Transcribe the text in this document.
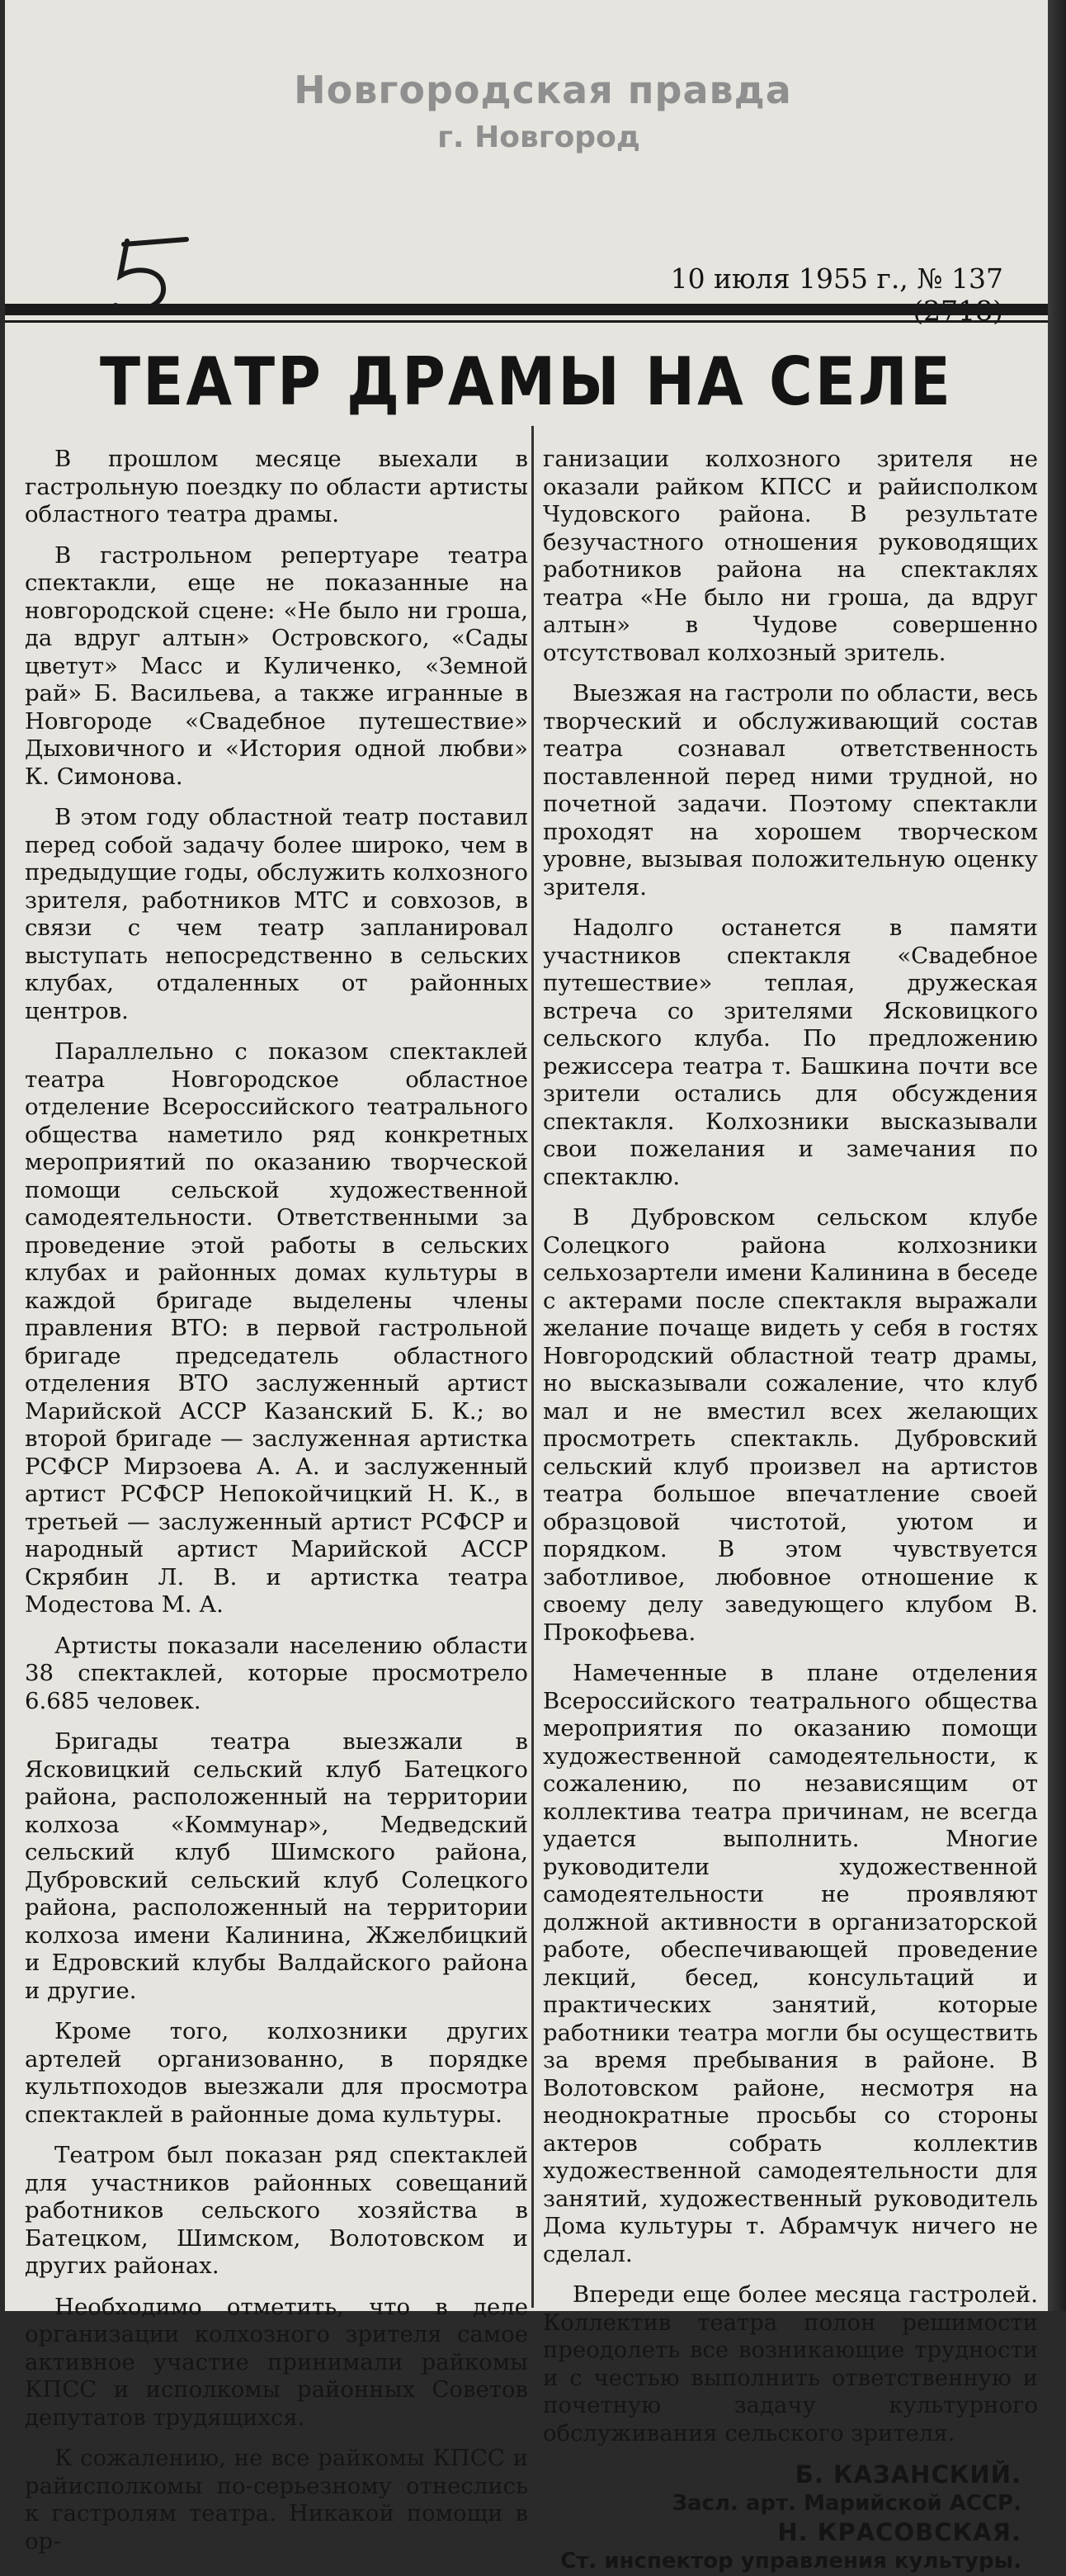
Новгородская правда
г. Новгород
10 июля 1955 г., № 137
ТЕАТР ДРАМЫ НА СЕЛЕ

В прошлом месяце выехали в гастрольную поездку по области артисты областного театра драмы.

В гастрольном репертуаре театра спектакли, еще не показанные на новгородской сцене: «Не было ни гроша, да вдруг алтын» Островского, «Сады цветут» Масс и Куличенко, «Земной рай» Б. Васильева, а также игранные в Новгороде «Свадебное путешествие» Дыховичного и «История одной любви» К. Симонова.

В этом году областной театр поставил перед собой задачу более широко, чем в предыдущие годы, обслужить колхозного зрителя, работников МТС и совхозов, в связи с чем театр запланировал выступать непосредственно в сельских клубах, отдаленных от районных центров.

Параллельно с показом спектаклей театра Новгородское областное отделение Всероссийского театрального общества наметило ряд конкретных мероприятий по оказанию творческой помощи сельской художественной самодеятельности. Ответственными за проведение этой работы в сельских клубах и районных домах культуры в каждой бригаде выделены члены правления ВТО: в первой гастрольной бригаде председатель областного отделения ВТО заслуженный артист Марийской АССР Казанский Б. К.; во второй бригаде — заслуженная артистка РСФСР Мирзоева А. А. и заслуженный артист РСФСР Непокойчицкий Н. К., в третьей — заслуженный артист РСФСР и народный артист Марийской АССР Скрябин Л. В. и артистка театра Модестова М. А.

Артисты показали населению области 38 спектаклей, которые просмотрело 6.685 человек.

Бригады театра выезжали в Ясковицкий сельский клуб Батецкого района, расположенный на территории колхоза «Коммунар», Медведский сельский клуб Шимского района, Дубровский сельский клуб Солецкого района, расположенный на территории колхоза имени Калинина, Жжелбицкий и Едровский клубы Валдайского района и другие.

Кроме того, колхозники других артелей организованно, в порядке культпоходов выезжали для просмотра спектаклей в районные дома культуры.

Театром был показан ряд спектаклей для участников районных совещаний работников сельского хозяйства в Батецком, Шимском, Волотовском и других районах.

Необходимо отметить, что в деле организации колхозного зрителя самое активное участие принимали райкомы КПСС и исполкомы районных Советов депутатов трудящихся.

К сожалению, не все райкомы КПСС и райисполкомы по-серьезному отнеслись к гастролям театра. Никакой помощи в ор-

ганизации колхозного зрителя не оказали райком КПСС и райисполком Чудовского района. В результате безучастного отношения руководящих работников района на спектаклях театра «Не было ни гроша, да вдруг алтын» в Чудове совершенно отсутствовал колхозный зритель.

Выезжая на гастроли по области, весь творческий и обслуживающий состав театра сознавал ответственность поставленной перед ними трудной, но почетной задачи. Поэтому спектакли проходят на хорошем творческом уровне, вызывая положительную оценку зрителя.

Надолго останется в памяти участников спектакля «Свадебное путешествие» теплая, дружеская встреча со зрителями Ясковицкого сельского клуба. По предложению режиссера театра т. Башкина почти все зрители остались для обсуждения спектакля. Колхозники высказывали свои пожелания и замечания по спектаклю.

В Дубровском сельском клубе Солецкого района колхозники сельхозартели имени Калинина в беседе с актерами после спектакля выражали желание почаще видеть у себя в гостях Новгородский областной театр драмы, но высказывали сожаление, что клуб мал и не вместил всех желающих просмотреть спектакль. Дубровский сельский клуб произвел на артистов театра большое впечатление своей образцовой чистотой, уютом и порядком. В этом чувствуется заботливое, любовное отношение к своему делу заведующего клубом В. Прокофьева.

Намеченные в плане отделения Всероссийского театрального общества мероприятия по оказанию помощи художественной самодеятельности, к сожалению, по независящим от коллектива театра причинам, не всегда удается выполнить. Многие руководители художественной самодеятельности не проявляют должной активности в организаторской работе, обеспечивающей проведение лекций, бесед, консультаций и практических занятий, которые работники театра могли бы осуществить за время пребывания в районе. В Волотовском районе, несмотря на неоднократные просьбы со стороны актеров собрать коллектив художественной самодеятельности для занятий, художественный руководитель Дома культуры т. Абрамчук ничего не сделал.

Впереди еще более месяца гастролей. Коллектив театра полон решимости преодолеть все возникающие трудности и с честью выполнить ответственную и почетную задачу культурного обслуживания сельского зрителя.

Б. КАЗАНСКИЙ.
Засл. арт. Марийской АССР.
Н. КРАСОВСКАЯ.
Ст. инспектор управления культуры.
